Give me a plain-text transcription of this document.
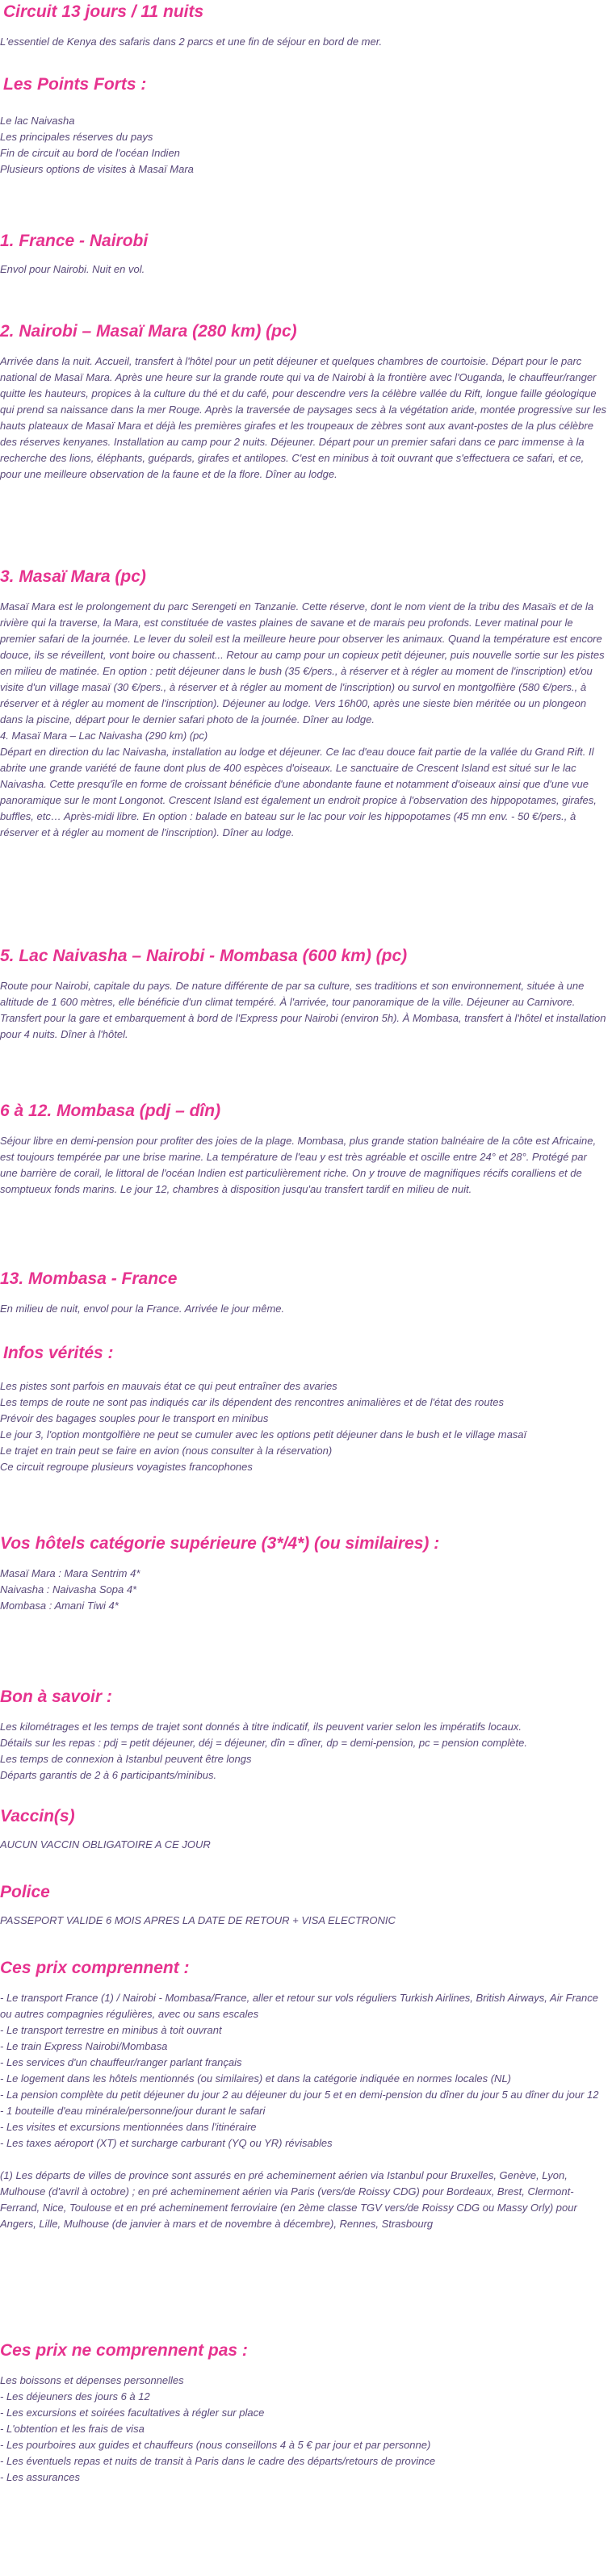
Circuit 13 jours / 11 nuits

L'essentiel de Kenya des safaris dans 2 parcs et une fin de séjour en bord de mer.

Les Points Forts :

Le lac Naivasha

Les principales réserves du pays

Fin de circuit au bord de l'océan Indien

Plusieurs options de visites à Masaï Mara

1. France - Nairobi

Envol pour Nairobi. Nuit en vol.

2. Nairobi – Masaï Mara (280 km) (pc)

Arrivée dans la nuit. Accueil, transfert à l'hôtel pour un petit déjeuner et quelques chambres de courtoisie. Départ pour le parc national de Masaï Mara. Après une heure sur la grande route qui va de Nairobi à la frontière avec l'Ouganda, le chauffeur/ranger quitte les hauteurs, propices à la culture du thé et du café, pour descendre vers la célèbre vallée du Rift, longue faille géologique qui prend sa naissance dans la mer Rouge. Après la traversée de paysages secs à la végétation aride, montée progressive sur les hauts plateaux de Masaï Mara et déjà les premières girafes et les troupeaux de zèbres sont aux avant-postes de la plus célèbre des réserves kenyanes. Installation au camp pour 2 nuits. Déjeuner. Départ pour un premier safari dans ce parc immense à la recherche des lions, éléphants, guépards, girafes et antilopes. C'est en minibus à toit ouvrant que s'effectuera ce safari, et ce, pour une meilleure observation de la faune et de la flore. Dîner au lodge.

3. Masaï Mara (pc)

Masaï Mara est le prolongement du parc Serengeti en Tanzanie. Cette réserve, dont le nom vient de la tribu des Masaïs et de la rivière qui la traverse, la Mara, est constituée de vastes plaines de savane et de marais peu profonds. Lever matinal pour le premier safari de la journée. Le lever du soleil est la meilleure heure pour observer les animaux. Quand la température est encore douce, ils se réveillent, vont boire ou chassent... Retour au camp pour un copieux petit déjeuner, puis nouvelle sortie sur les pistes en milieu de matinée. En option : petit déjeuner dans le bush (35 €/pers., à réserver et à régler au moment de l'inscription) et/ou visite d'un village masaï (30 €/pers., à réserver et à régler au moment de l'inscription) ou survol en montgolfière (580 €/pers., à réserver et à régler au moment de l'inscription). Déjeuner au lodge. Vers 16h00, après une sieste bien méritée ou un plongeon dans la piscine, départ pour le dernier safari photo de la journée. Dîner au lodge.

4. Masaï Mara – Lac Naivasha (290 km) (pc)

Départ en direction du lac Naivasha, installation au lodge et déjeuner. Ce lac d'eau douce fait partie de la vallée du Grand Rift. Il abrite une grande variété de faune dont plus de 400 espèces d'oiseaux. Le sanctuaire de Crescent Island est situé sur le lac Naivasha. Cette presqu'île en forme de croissant bénéficie d'une abondante faune et notamment d'oiseaux ainsi que d'une vue panoramique sur le mont Longonot. Crescent Island est également un endroit propice à l'observation des hippopotames, girafes, buffles, etc… Après-midi libre. En option : balade en bateau sur le lac pour voir les hippopotames (45 mn env. - 50 €/pers., à réserver et à régler au moment de l'inscription). Dîner au lodge.

5. Lac Naivasha – Nairobi - Mombasa (600 km) (pc)

Route pour Nairobi, capitale du pays. De nature différente de par sa culture, ses traditions et son environnement, située à une altitude de 1 600 mètres, elle bénéficie d'un climat tempéré. À l'arrivée, tour panoramique de la ville. Déjeuner au Carnivore. Transfert pour la gare et embarquement à bord de l'Express pour Nairobi (environ 5h). À Mombasa, transfert à l'hôtel et installation pour 4 nuits. Dîner à l'hôtel.

6 à 12. Mombasa (pdj – dîn)

Séjour libre en demi-pension pour profiter des joies de la plage. Mombasa, plus grande station balnéaire de la côte est Africaine, est toujours tempérée par une brise marine. La température de l'eau y est très agréable et oscille entre 24° et 28°. Protégé par une barrière de corail, le littoral de l'océan Indien est particulièrement riche. On y trouve de magnifiques récifs coralliens et de somptueux fonds marins. Le jour 12, chambres à disposition jusqu'au transfert tardif en milieu de nuit.

13. Mombasa - France

En milieu de nuit, envol pour la France. Arrivée le jour même.

Infos vérités :

Les pistes sont parfois en mauvais état ce qui peut entraîner des avaries

Les temps de route ne sont pas indiqués car ils dépendent des rencontres animalières et de l'état des routes

Prévoir des bagages souples pour le transport en minibus

Le jour 3, l'option montgolfière ne peut se cumuler avec les options petit déjeuner dans le bush et le village masaï

Le trajet en train peut se faire en avion (nous consulter à la réservation)

Ce circuit regroupe plusieurs voyagistes francophones

Vos hôtels catégorie supérieure (3*/4*) (ou similaires) :

Masaï Mara : Mara Sentrim 4*

Naivasha : Naivasha Sopa 4*

Mombasa : Amani Tiwi 4*

Bon à savoir :

Les kilométrages et les temps de trajet sont donnés à titre indicatif, ils peuvent varier selon les impératifs locaux.

Détails sur les repas : pdj = petit déjeuner, déj = déjeuner, dîn = dîner, dp = demi-pension, pc = pension complète.

Les temps de connexion à Istanbul peuvent être longs

Départs garantis de 2 à 6 participants/minibus.

Vaccin(s)

AUCUN VACCIN OBLIGATOIRE A CE JOUR

Police

PASSEPORT VALIDE 6 MOIS APRES LA DATE DE RETOUR + VISA ELECTRONIC

Ces prix comprennent :

- Le transport France (1) / Nairobi - Mombasa/France, aller et retour sur vols réguliers Turkish Airlines, British Airways, Air France ou autres compagnies régulières, avec ou sans escales

- Le transport terrestre en minibus à toit ouvrant

- Le train Express Nairobi/Mombasa

- Les services d'un chauffeur/ranger parlant français

- Le logement dans les hôtels mentionnés (ou similaires) et dans la catégorie indiquée en normes locales (NL)

- La pension complète du petit déjeuner du jour 2 au déjeuner du jour 5 et en demi-pension du dîner du jour 5 au dîner du jour 12

- 1 bouteille d'eau minérale/personne/jour durant le safari

- Les visites et excursions mentionnées dans l'itinéraire

- Les taxes aéroport (XT) et surcharge carburant (YQ ou YR) révisables

(1) Les départs de villes de province sont assurés en pré acheminement aérien via Istanbul pour Bruxelles, Genève, Lyon, Mulhouse (d'avril à octobre) ; en pré acheminement aérien via Paris (vers/de Roissy CDG) pour Bordeaux, Brest, Clermont-Ferrand, Nice, Toulouse et en pré acheminement ferroviaire (en 2ème classe TGV vers/de Roissy CDG ou Massy Orly) pour Angers, Lille, Mulhouse (de janvier à mars et de novembre à décembre), Rennes, Strasbourg

Ces prix ne comprennent pas :

Les boissons et dépenses personnelles

- Les déjeuners des jours 6 à 12

- Les excursions et soirées facultatives à régler sur place

- L'obtention et les frais de visa

- Les pourboires aux guides et chauffeurs (nous conseillons 4 à 5 € par jour et par personne)

- Les éventuels repas et nuits de transit à Paris dans le cadre des départs/retours de province

- Les assurances
